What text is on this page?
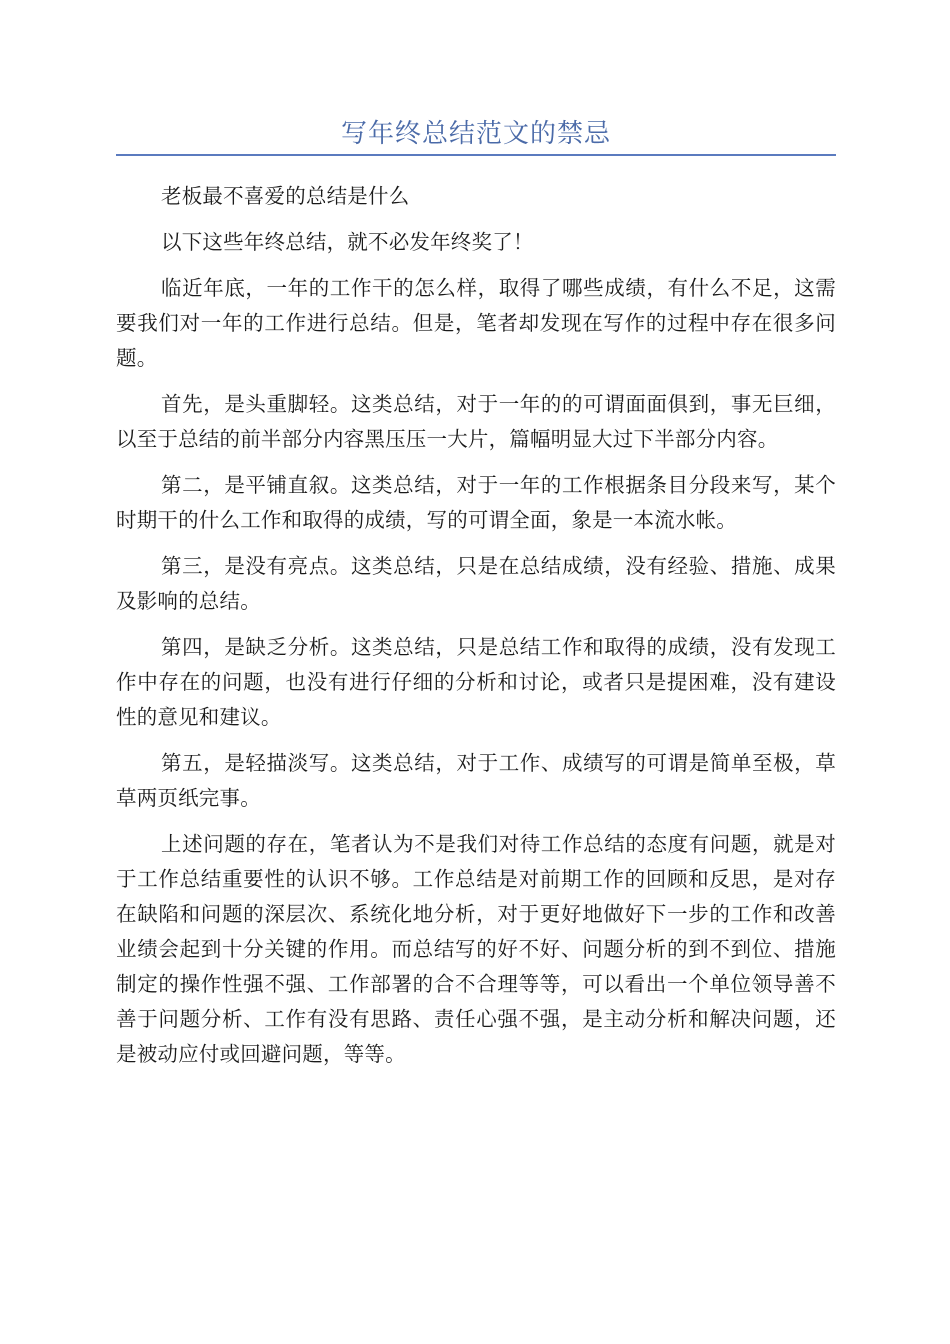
写年终总结范文的禁忌

老板最不喜爱的总结是什么

以下这些年终总结，就不必发年终奖了！

临近年底，一年的工作干的怎么样，取得了哪些成绩，有什么不足，这需要我们对一年的工作进行总结。但是，笔者却发现在写作的过程中存在很多问题。

首先，是头重脚轻。这类总结，对于一年的的可谓面面俱到，事无巨细，以至于总结的前半部分内容黑压压一大片，篇幅明显大过下半部分内容。

第二，是平铺直叙。这类总结，对于一年的工作根据条目分段来写，某个时期干的什么工作和取得的成绩，写的可谓全面，象是一本流水帐。

第三，是没有亮点。这类总结，只是在总结成绩，没有经验、措施、成果及影响的总结。

第四，是缺乏分析。这类总结，只是总结工作和取得的成绩，没有发现工作中存在的问题，也没有进行仔细的分析和讨论，或者只是提困难，没有建设性的意见和建议。

第五，是轻描淡写。这类总结，对于工作、成绩写的可谓是简单至极，草草两页纸完事。

上述问题的存在，笔者认为不是我们对待工作总结的态度有问题，就是对于工作总结重要性的认识不够。工作总结是对前期工作的回顾和反思，是对存在缺陷和问题的深层次、系统化地分析，对于更好地做好下一步的工作和改善业绩会起到十分关键的作用。而总结写的好不好、问题分析的到不到位、措施制定的操作性强不强、工作部署的合不合理等等，可以看出一个单位领导善不善于问题分析、工作有没有思路、责任心强不强，是主动分析和解决问题，还是被动应付或回避问题，等等。
